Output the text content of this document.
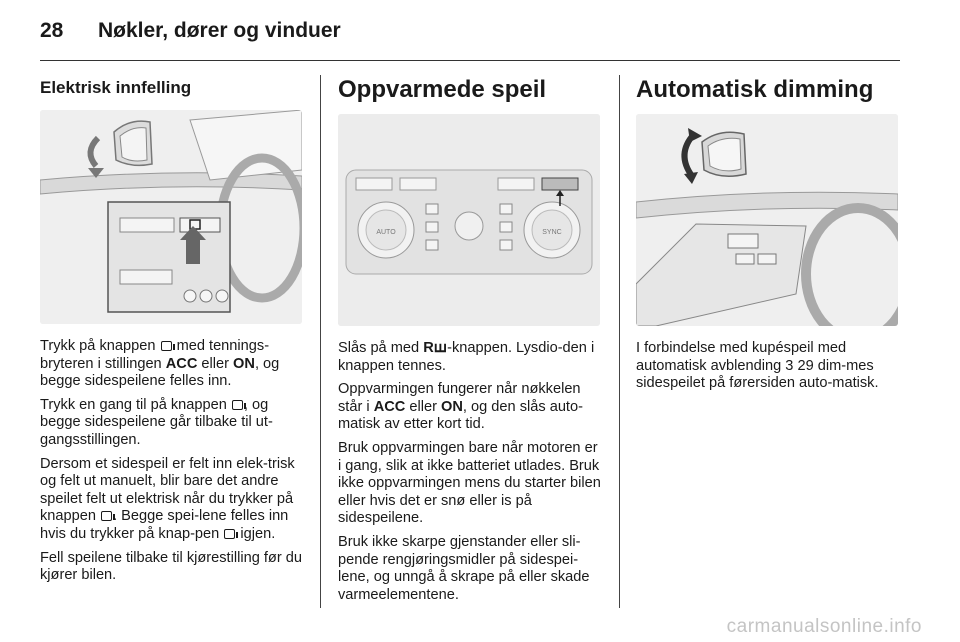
28 Nøkler, dører og vinduer
Elektrisk innfelling

Trykk på knappen  med tennings-bryteren i stillingen ACC eller ON, og begge sidespeilene felles inn.

Trykk en gang til på knappen , og begge sidespeilene går tilbake til ut-gangsstillingen.

Dersom et sidespeil er felt inn elek-trisk og felt ut manuelt, blir bare det andre speilet felt ut elektrisk når du trykker på knappen . Begge spei-lene felles inn hvis du trykker på knap-pen  igjen.

Fell speilene tilbake til kjørestilling før du kjører bilen.

Oppvarmede speil
AUTO	SYNC

Slås på med Rꟺ-knappen. Lysdio-den i knappen tennes.

Oppvarmingen fungerer når nøkkelen står i ACC eller ON, og den slås auto-matisk av etter kort tid.

Bruk oppvarmingen bare når motoren er i gang, slik at ikke batteriet utlades. Bruk ikke oppvarmingen mens du starter bilen eller hvis det er snø eller is på sidespeilene.

Bruk ikke skarpe gjenstander eller sli-pende rengjøringsmidler på sidespei-lene, og unngå å skrape på eller skade varmeelementene.

Automatisk dimming

I forbindelse med kupéspeil med automatisk avblending 3 29 dim-mes sidespeilet på førersiden auto-matisk.

carmanualsonline.info
